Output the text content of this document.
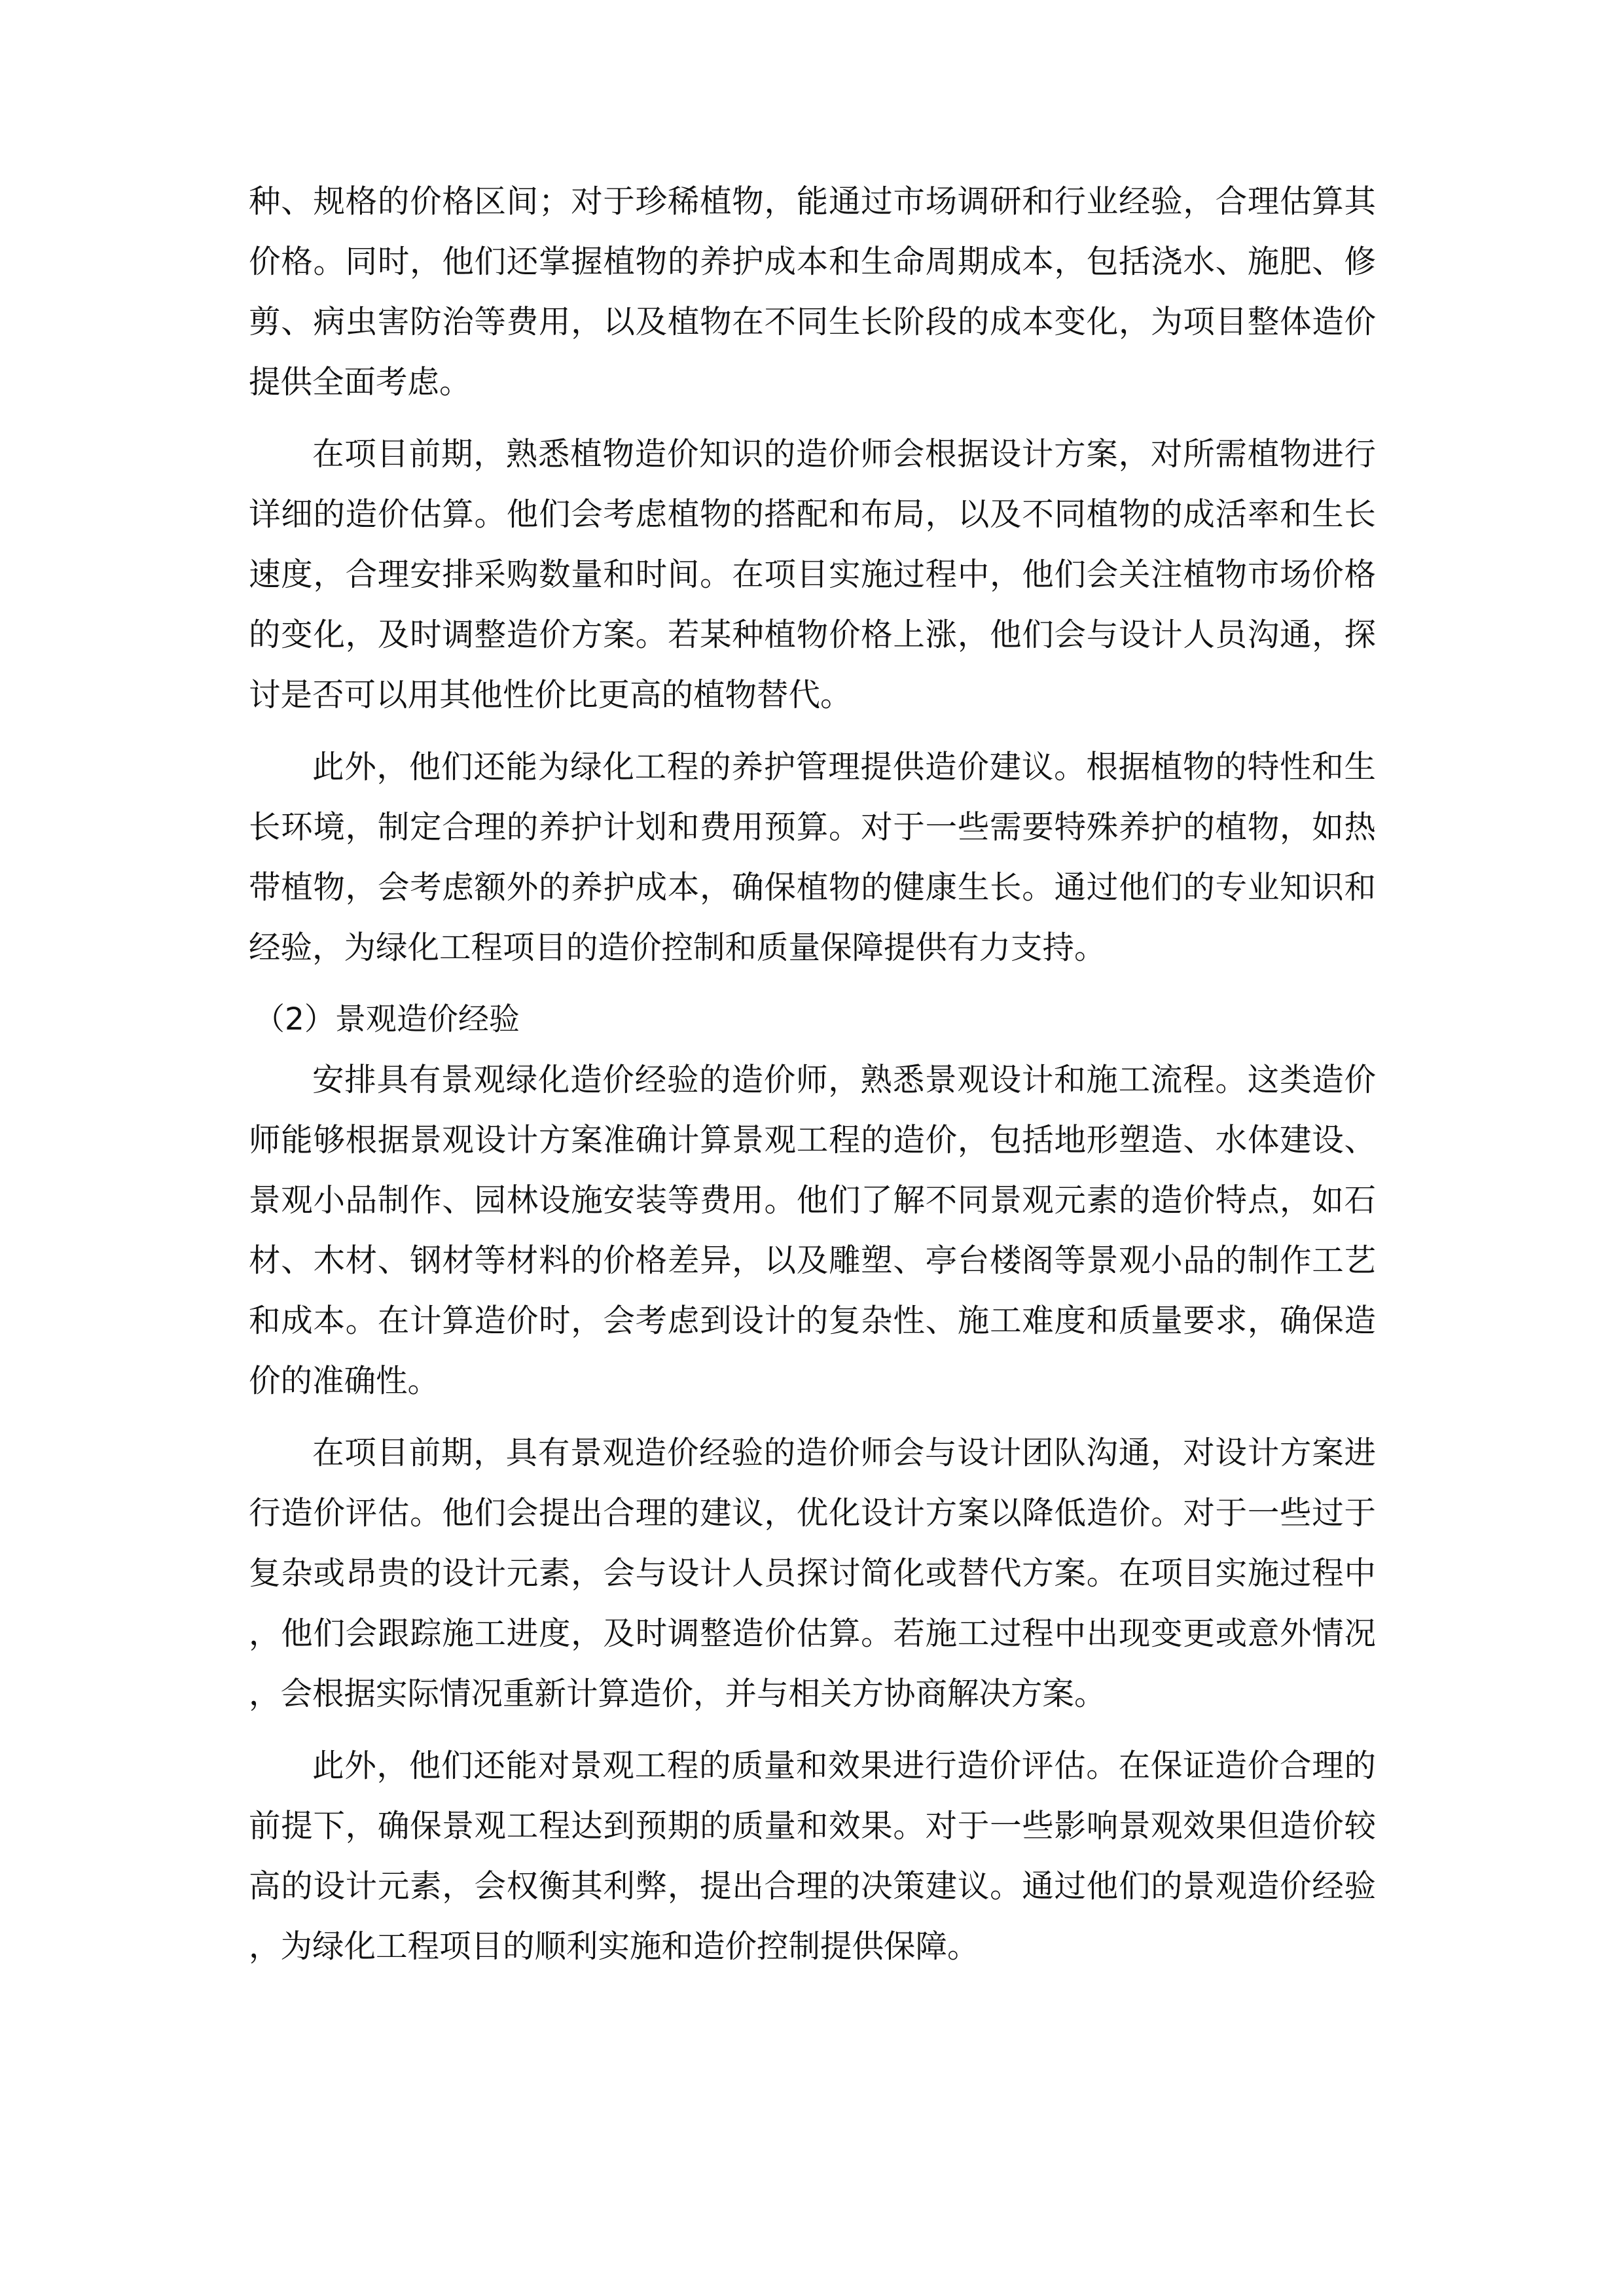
种、规格的价格区间；对于珍稀植物，能通过市场调研和行业经验，合理估算其价格。同时，他们还掌握植物的养护成本和生命周期成本，包括浇水、施肥、修剪、病虫害防治等费用，以及植物在不同生长阶段的成本变化，为项目整体造价提供全面考虑。

在项目前期，熟悉植物造价知识的造价师会根据设计方案，对所需植物进行详细的造价估算。他们会考虑植物的搭配和布局，以及不同植物的成活率和生长速度，合理安排采购数量和时间。在项目实施过程中，他们会关注植物市场价格的变化，及时调整造价方案。若某种植物价格上涨，他们会与设计人员沟通，探讨是否可以用其他性价比更高的植物替代。

此外，他们还能为绿化工程的养护管理提供造价建议。根据植物的特性和生长环境，制定合理的养护计划和费用预算。对于一些需要特殊养护的植物，如热带植物，会考虑额外的养护成本，确保植物的健康生长。通过他们的专业知识和经验，为绿化工程项目的造价控制和质量保障提供有力支持。

（2）景观造价经验

安排具有景观绿化造价经验的造价师，熟悉景观设计和施工流程。这类造价师能够根据景观设计方案准确计算景观工程的造价，包括地形塑造、水体建设、景观小品制作、园林设施安装等费用。他们了解不同景观元素的造价特点，如石材、木材、钢材等材料的价格差异，以及雕塑、亭台楼阁等景观小品的制作工艺和成本。在计算造价时，会考虑到设计的复杂性、施工难度和质量要求，确保造价的准确性。

在项目前期，具有景观造价经验的造价师会与设计团队沟通，对设计方案进行造价评估。他们会提出合理的建议，优化设计方案以降低造价。对于一些过于复杂或昂贵的设计元素，会与设计人员探讨简化或替代方案。在项目实施过程中，他们会跟踪施工进度，及时调整造价估算。若施工过程中出现变更或意外情况，会根据实际情况重新计算造价，并与相关方协商解决方案。

此外，他们还能对景观工程的质量和效果进行造价评估。在保证造价合理的前提下，确保景观工程达到预期的质量和效果。对于一些影响景观效果但造价较高的设计元素，会权衡其利弊，提出合理的决策建议。通过他们的景观造价经验，为绿化工程项目的顺利实施和造价控制提供保障。
